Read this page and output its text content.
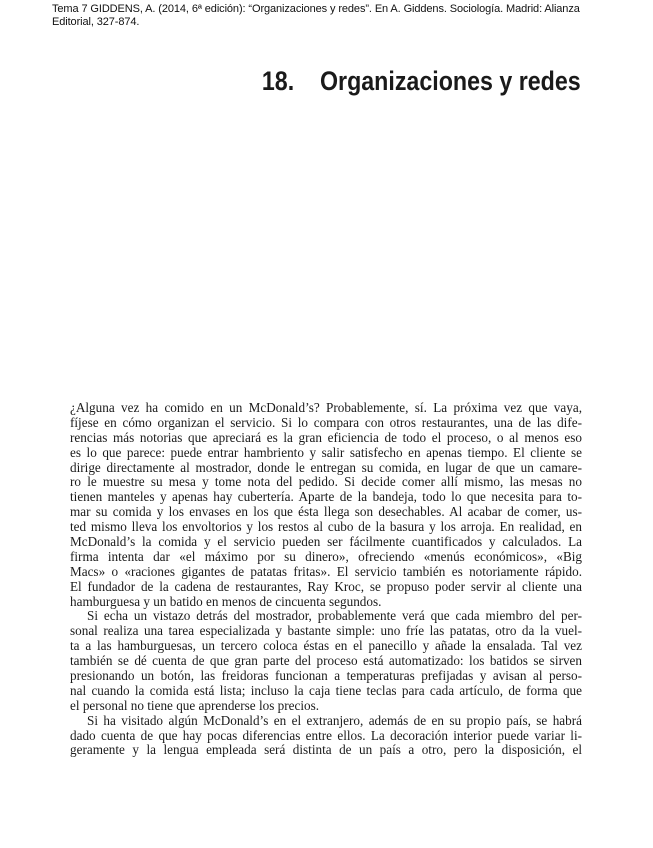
Tema 7 GIDDENS, A. (2014, 6ª edición): “Organizaciones y redes”. En A. Giddens. Sociología. Madrid: Alianza
Editorial, 327-874.
18. Organizaciones y redes
¿Alguna vez ha comido en un McDonald’s? Probablemente, sí. La próxima vez que vaya,
fíjese en cómo organizan el servicio. Si lo compara con otros restaurantes, una de las dife-
rencias más notorias que apreciará es la gran eficiencia de todo el proceso, o al menos eso
es lo que parece: puede entrar hambriento y salir satisfecho en apenas tiempo. El cliente se
dirige directamente al mostrador, donde le entregan su comida, en lugar de que un camare-
ro le muestre su mesa y tome nota del pedido. Si decide comer allí mismo, las mesas no
tienen manteles y apenas hay cubertería. Aparte de la bandeja, todo lo que necesita para to-
mar su comida y los envases en los que ésta llega son desechables. Al acabar de comer, us-
ted mismo lleva los envoltorios y los restos al cubo de la basura y los arroja. En realidad, en
McDonald’s la comida y el servicio pueden ser fácilmente cuantificados y calculados. La
firma intenta dar «el máximo por su dinero», ofreciendo «menús económicos», «Big
Macs» o «raciones gigantes de patatas fritas». El servicio también es notoriamente rápido.
El fundador de la cadena de restaurantes, Ray Kroc, se propuso poder servir al cliente una
hamburguesa y un batido en menos de cincuenta segundos.
Si echa un vistazo detrás del mostrador, probablemente verá que cada miembro del per-
sonal realiza una tarea especializada y bastante simple: uno fríe las patatas, otro da la vuel-
ta a las hamburguesas, un tercero coloca éstas en el panecillo y añade la ensalada. Tal vez
también se dé cuenta de que gran parte del proceso está automatizado: los batidos se sirven
presionando un botón, las freidoras funcionan a temperaturas prefijadas y avisan al perso-
nal cuando la comida está lista; incluso la caja tiene teclas para cada artículo, de forma que
el personal no tiene que aprenderse los precios.
Si ha visitado algún McDonald’s en el extranjero, además de en su propio país, se habrá
dado cuenta de que hay pocas diferencias entre ellos. La decoración interior puede variar li-
geramente y la lengua empleada será distinta de un país a otro, pero la disposición, el
